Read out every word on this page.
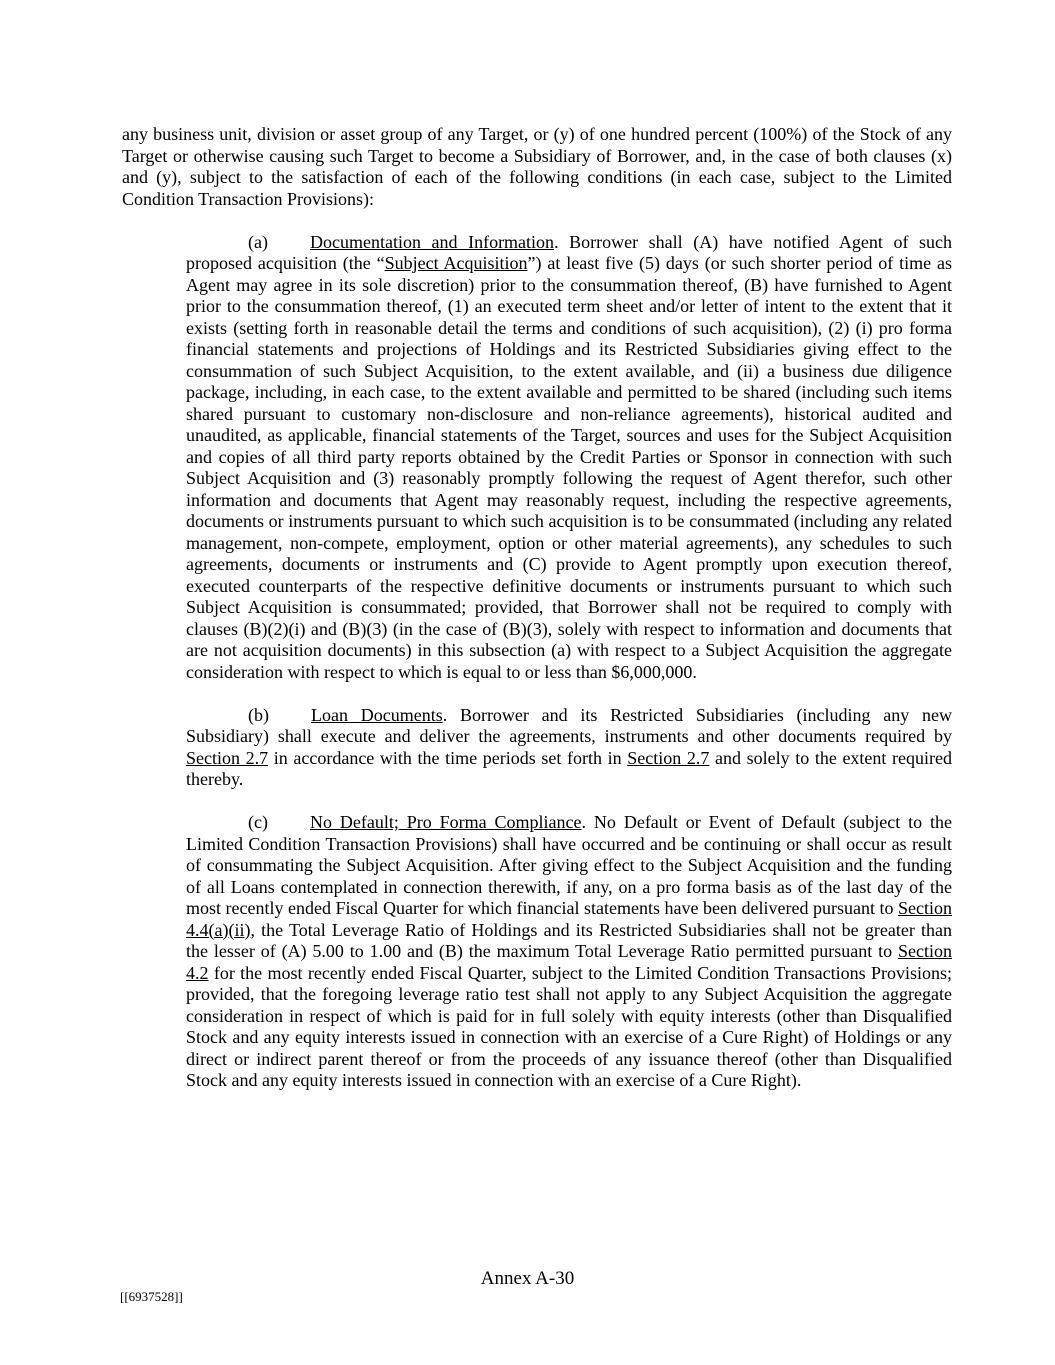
any business unit, division or asset group of any Target, or (y) of one hundred percent (100%) of the Stock of any Target or otherwise causing such Target to become a Subsidiary of Borrower, and, in the case of both clauses (x) and (y), subject to the satisfaction of each of the following conditions (in each case, subject to the Limited Condition Transaction Provisions):

(a) Documentation and Information. Borrower shall (A) have notified Agent of such proposed acquisition (the “Subject Acquisition”) at least five (5) days (or such shorter period of time as Agent may agree in its sole discretion) prior to the consummation thereof, (B) have furnished to Agent prior to the consummation thereof, (1) an executed term sheet and/or letter of intent to the extent that it exists (setting forth in reasonable detail the terms and conditions of such acquisition), (2) (i) pro forma financial statements and projections of Holdings and its Restricted Subsidiaries giving effect to the consummation of such Subject Acquisition, to the extent available, and (ii) a business due diligence package, including, in each case, to the extent available and permitted to be shared (including such items shared pursuant to customary non-disclosure and non-reliance agreements), historical audited and unaudited, as applicable, financial statements of the Target, sources and uses for the Subject Acquisition and copies of all third party reports obtained by the Credit Parties or Sponsor in connection with such Subject Acquisition and (3) reasonably promptly following the request of Agent therefor, such other information and documents that Agent may reasonably request, including the respective agreements, documents or instruments pursuant to which such acquisition is to be consummated (including any related management, non-compete, employment, option or other material agreements), any schedules to such agreements, documents or instruments and (C) provide to Agent promptly upon execution thereof, executed counterparts of the respective definitive documents or instruments pursuant to which such Subject Acquisition is consummated; provided, that Borrower shall not be required to comply with clauses (B)(2)(i) and (B)(3) (in the case of (B)(3), solely with respect to information and documents that are not acquisition documents) in this subsection (a) with respect to a Subject Acquisition the aggregate consideration with respect to which is equal to or less than $6,000,000.

(b) Loan Documents. Borrower and its Restricted Subsidiaries (including any new Subsidiary) shall execute and deliver the agreements, instruments and other documents required by Section 2.7 in accordance with the time periods set forth in Section 2.7 and solely to the extent required thereby.

(c) No Default; Pro Forma Compliance. No Default or Event of Default (subject to the Limited Condition Transaction Provisions) shall have occurred and be continuing or shall occur as result of consummating the Subject Acquisition. After giving effect to the Subject Acquisition and the funding of all Loans contemplated in connection therewith, if any, on a pro forma basis as of the last day of the most recently ended Fiscal Quarter for which financial statements have been delivered pursuant to Section 4.4(a)(ii), the Total Leverage Ratio of Holdings and its Restricted Subsidiaries shall not be greater than the lesser of (A) 5.00 to 1.00 and (B) the maximum Total Leverage Ratio permitted pursuant to Section 4.2 for the most recently ended Fiscal Quarter, subject to the Limited Condition Transactions Provisions; provided, that the foregoing leverage ratio test shall not apply to any Subject Acquisition the aggregate consideration in respect of which is paid for in full solely with equity interests (other than Disqualified Stock and any equity interests issued in connection with an exercise of a Cure Right) of Holdings or any direct or indirect parent thereof or from the proceeds of any issuance thereof (other than Disqualified Stock and any equity interests issued in connection with an exercise of a Cure Right).

Annex A-30
[[6937528]]
